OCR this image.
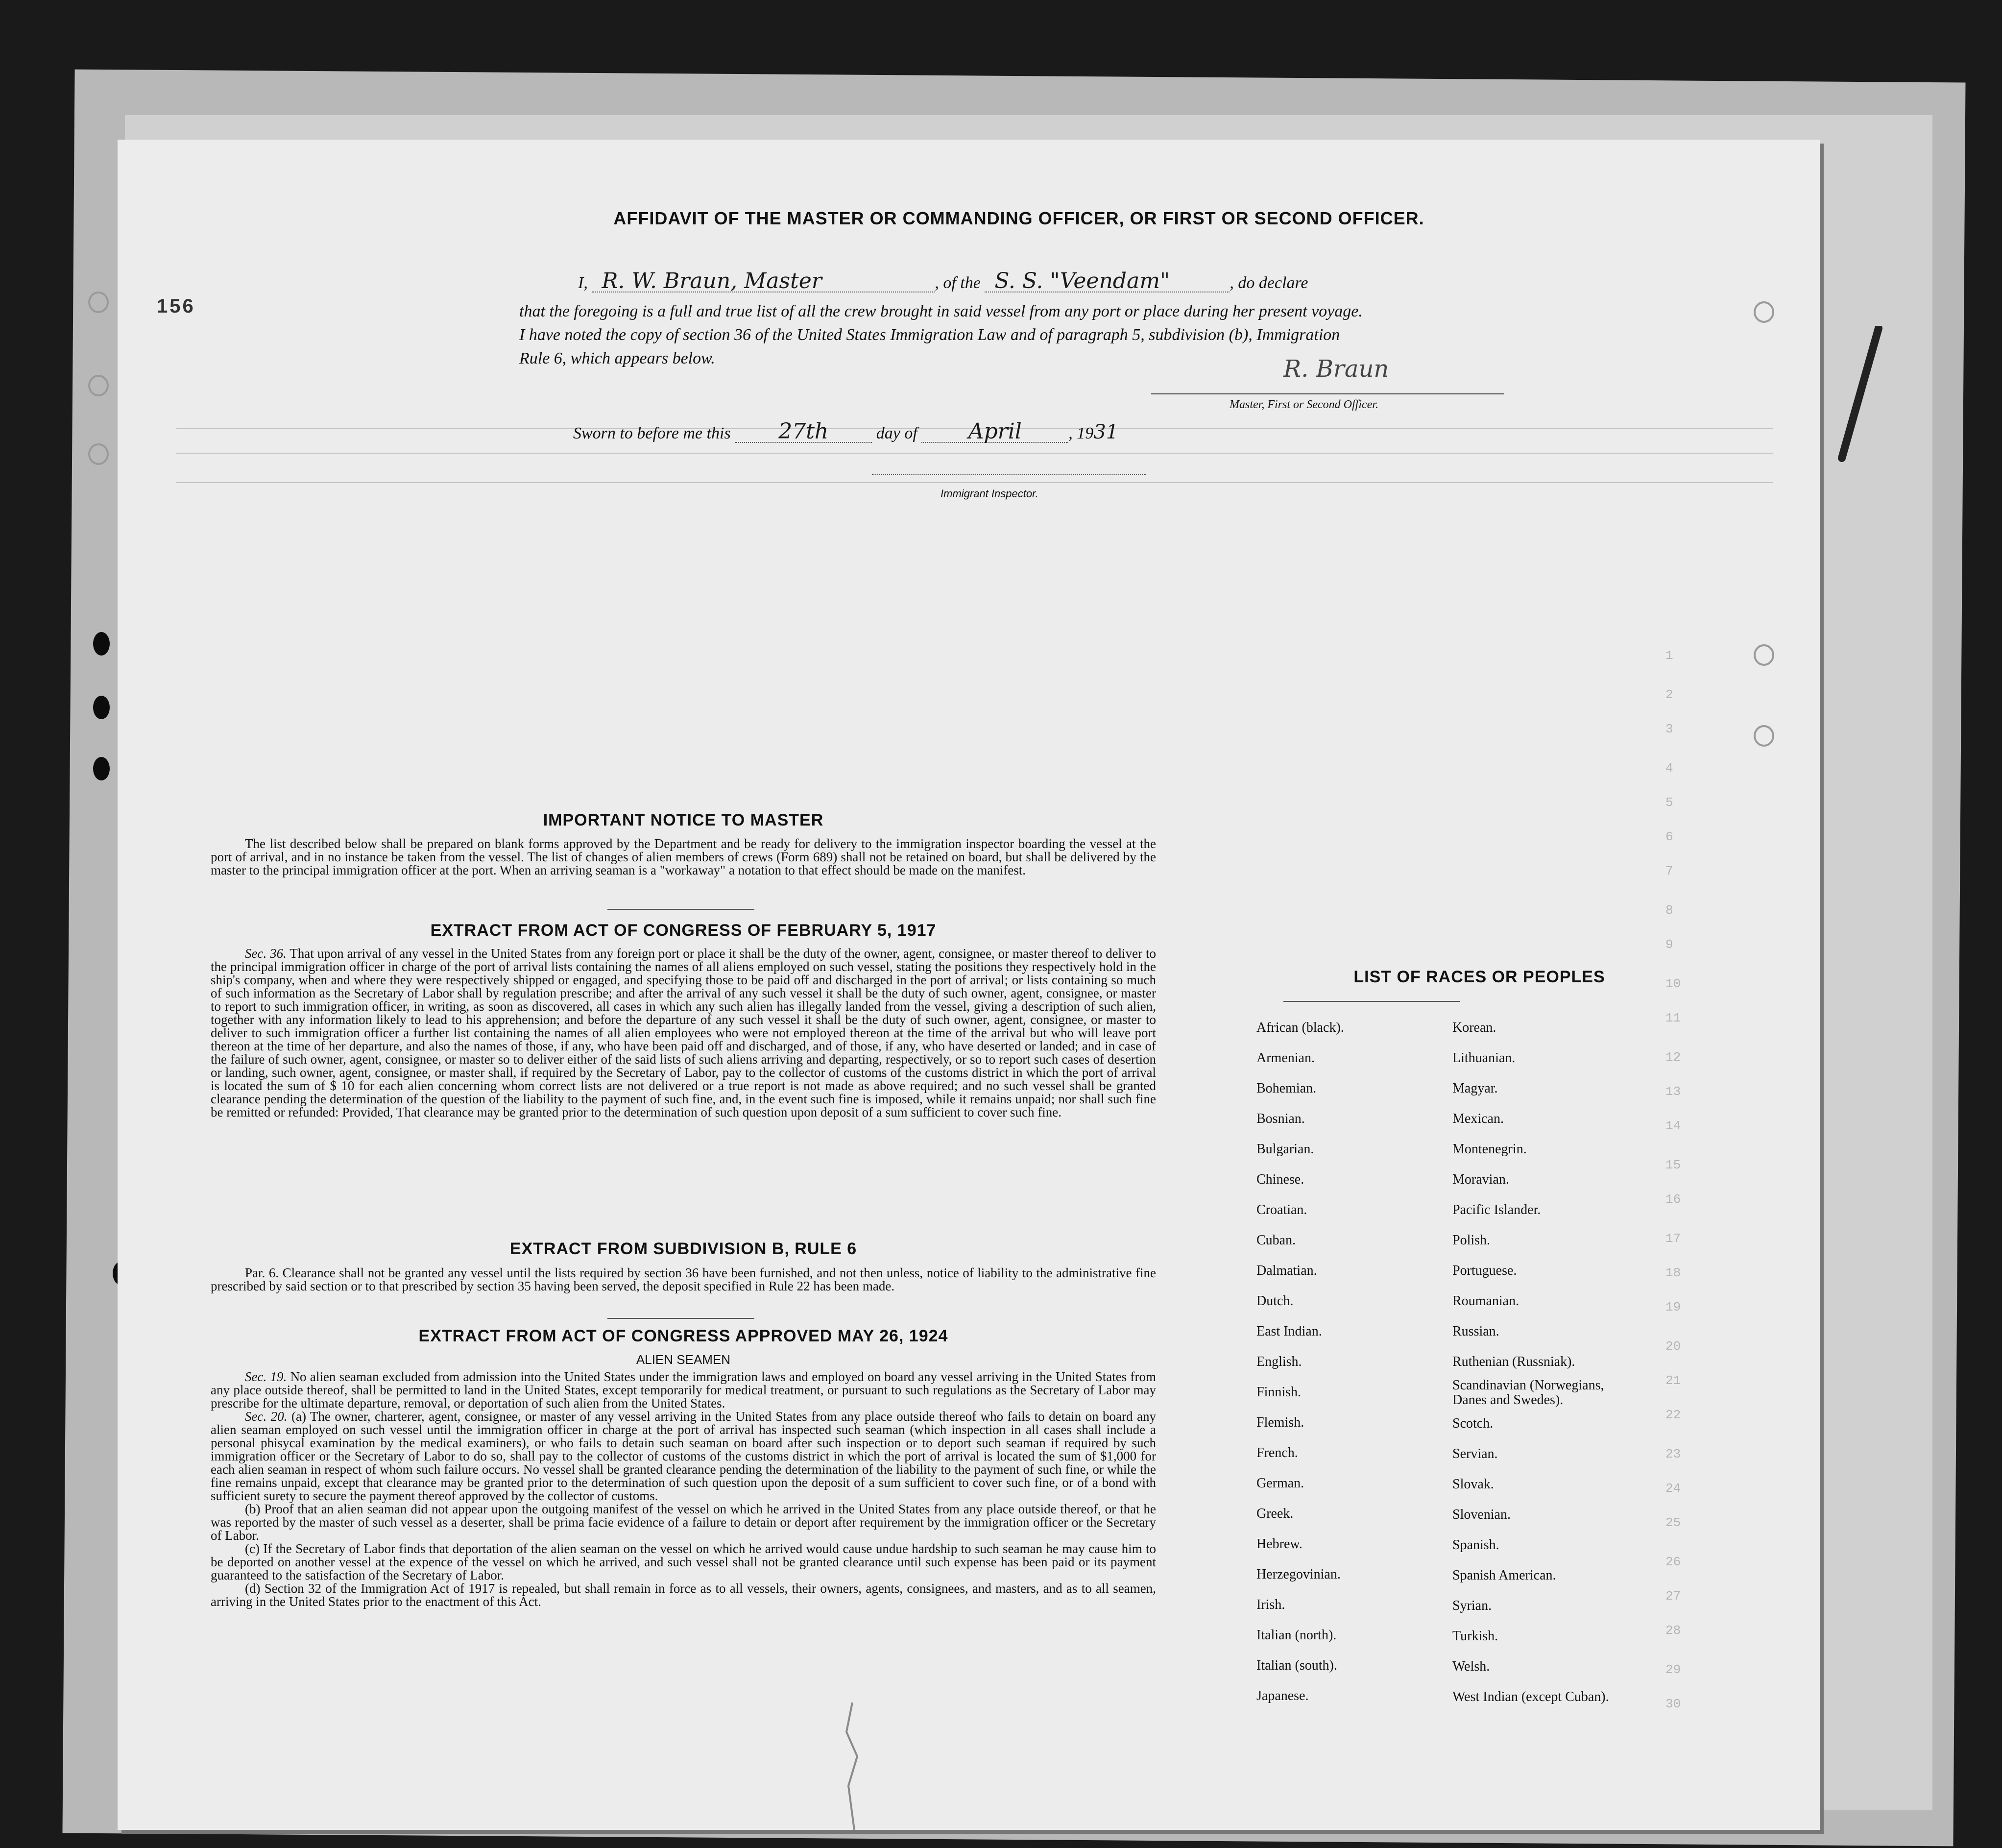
1
2
3
4
5
6
7
8
9
10
11
12
13
14
15
16
17
18
19
20
21
22
23
24
25
26
27
28
29
30
156
AFFIDAVIT OF THE MASTER OR COMMANDING OFFICER, OR FIRST OR SECOND OFFICER.
I, R. W. Braun, Master	, of the S. S. "Veendam"	, do declare
that the foregoing is a full and true list of all the crew brought in said vessel from any port or place during her present voyage.
I have noted the copy of section 36 of the United States Immigration Law and of paragraph 5, subdivision (b), Immigration
Rule 6, which appears below.	R. Braun
Master, First or Second Officer.
Sworn to before me this 27th	day of April	, 1931
Immigrant Inspector.
IMPORTANT NOTICE TO MASTER
The list described below shall be prepared on blank forms approved by the Department and be ready for delivery to the immigration inspector boarding the vessel at the port of arrival, and in no instance be taken from the vessel. The list of changes of alien members of crews (Form 689) shall not be retained on board, but shall be delivered by the master to the principal immigration officer at the port. When an arriving seaman is a "workaway" a notation to that effect should be made on the manifest.
EXTRACT FROM ACT OF CONGRESS OF FEBRUARY 5, 1917
Sec. 36. That upon arrival of any vessel in the United States from any foreign port or place it shall be the duty of the owner, agent, consignee, or master thereof to deliver to the principal immigration officer in charge of the port of arrival lists containing the names of all aliens employed on such vessel, stating the positions they respectively hold in the ship's company, when and where they were respectively shipped or engaged, and specifying those to be paid off and discharged in the port of arrival; or lists containing so much of such information as the Secretary of Labor shall by regulation prescribe; and after the arrival of any such vessel it shall be the duty of such owner, agent, consignee, or master to report to such immigration officer, in writing, as soon as discovered, all cases in which any such alien has illegally landed from the vessel, giving a description of such alien, together with any information likely to lead to his apprehension; and before the departure of any such vessel it shall be the duty of such owner, agent, consignee, or master to deliver to such immigration officer a further list containing the names of all alien employees who were not employed thereon at the time of the arrival but who will leave port thereon at the time of her departure, and also the names of those, if any, who have been paid off and discharged, and of those, if any, who have deserted or landed; and in case of the failure of such owner, agent, consignee, or master so to deliver either of the said lists of such aliens arriving and departing, respectively, or so to report such cases of desertion or landing, such owner, agent, consignee, or master shall, if required by the Secretary of Labor, pay to the collector of customs of the customs district in which the port of arrival is located the sum of $ 10 for each alien concerning whom correct lists are not delivered or a true report is not made as above required; and no such vessel shall be granted clearance pending the determination of the question of the liability to the payment of such fine, and, in the event such fine is imposed, while it remains unpaid; nor shall such fine be remitted or refunded: Provided, That clearance may be granted prior to the determination of such question upon deposit of a sum sufficient to cover such fine.
EXTRACT FROM SUBDIVISION B, RULE 6
Par. 6. Clearance shall not be granted any vessel until the lists required by section 36 have been furnished, and not then unless, notice of liability to the administrative fine prescribed by said section or to that prescribed by section 35 having been served, the deposit specified in Rule 22 has been made.
EXTRACT FROM ACT OF CONGRESS APPROVED MAY 26, 1924
ALIEN SEAMEN
Sec. 19. No alien seaman excluded from admission into the United States under the immigration laws and employed on board any vessel arriving in the United States from any place outside thereof, shall be permitted to land in the United States, except temporarily for medical treatment, or pursuant to such regulations as the Secretary of Labor may prescribe for the ultimate departure, removal, or deportation of such alien from the United States.
Sec. 20. (a) The owner, charterer, agent, consignee, or master of any vessel arriving in the United States from any place outside thereof who fails to detain on board any alien seaman employed on such vessel until the immigration officer in charge at the port of arrival has inspected such seaman (which inspection in all cases shall include a personal phisycal examination by the medical examiners), or who fails to detain such seaman on board after such inspection or to deport such seaman if required by such immigration officer or the Secretary of Labor to do so, shall pay to the collector of customs of the customs district in which the port of arrival is located the sum of $1,000 for each alien seaman in respect of whom such failure occurs. No vessel shall be granted clearance pending the determination of the liability to the payment of such fine, or while the fine remains unpaid, except that clearance may be granted prior to the determination of such question upon the deposit of a sum sufficient to cover such fine, or of a bond with sufficient surety to secure the payment thereof approved by the collector of customs.
(b) Proof that an alien seaman did not appear upon the outgoing manifest of the vessel on which he arrived in the United States from any place outside thereof, or that he was reported by the master of such vessel as a deserter, shall be prima facie evidence of a failure to detain or deport after requirement by the immigration officer or the Secretary of Labor.
(c) If the Secretary of Labor finds that deportation of the alien seaman on the vessel on which he arrived would cause undue hardship to such seaman he may cause him to be deported on another vessel at the expence of the vessel on which he arrived, and such vessel shall not be granted clearance until such expense has been paid or its payment guaranteed to the satisfaction of the Secretary of Labor.
(d) Section 32 of the Immigration Act of 1917 is repealed, but shall remain in force as to all vessels, their owners, agents, consignees, and masters, and as to all seamen, arriving in the United States prior to the enactment of this Act.
LIST OF RACES OR PEOPLES
African (black).
Armenian.
Bohemian.
Bosnian.
Bulgarian.
Chinese.
Croatian.
Cuban.
Dalmatian.
Dutch.
East Indian.
English.
Finnish.
Flemish.
French.
German.
Greek.
Hebrew.
Herzegovinian.
Irish.
Italian (north).
Italian (south).
Japanese.
Korean.
Lithuanian.
Magyar.
Mexican.
Montenegrin.
Moravian.
Pacific Islander.
Polish.
Portuguese.
Roumanian.
Russian.
Ruthenian (Russniak).
Scandinavian (Norwegians,
Danes and Swedes).
Scotch.
Servian.
Slovak.
Slovenian.
Spanish.
Spanish American.
Syrian.
Turkish.
Welsh.
West Indian (except Cuban).
